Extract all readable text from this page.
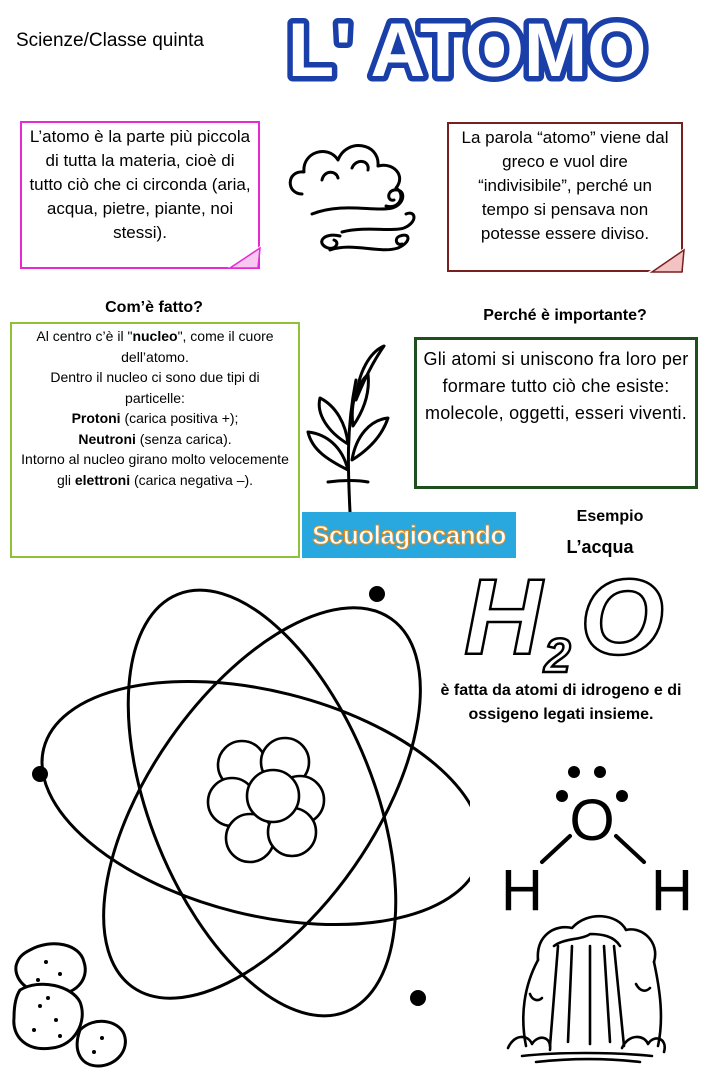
Scienze/Classe quinta L' ATOMO
L’atomo è la parte più piccola di tutta la materia, cioè di tutto ciò che ci circonda (aria, acqua, pietre, piante, noi stessi).
La parola “atomo” viene dal greco e vuol dire “indivisibile”, perché un tempo si pensava non potesse essere diviso.
Com’è fatto?
Al centro c’è il "nucleo", come il cuore dell’atomo.
Dentro il nucleo ci sono due tipi di particelle:
Protoni (carica positiva +);
Neutroni (senza carica).
Intorno al nucleo girano molto velocemente gli elettroni (carica negativa –).
Perché è importante?
Gli atomi si uniscono fra loro per formare tutto ciò che esiste: molecole, oggetti, esseri viventi.
Scuolagiocando
Esempio
L’acqua
H 2 O
è fatta da atomi di idrogeno e di ossigeno legati insieme.
O
H H
